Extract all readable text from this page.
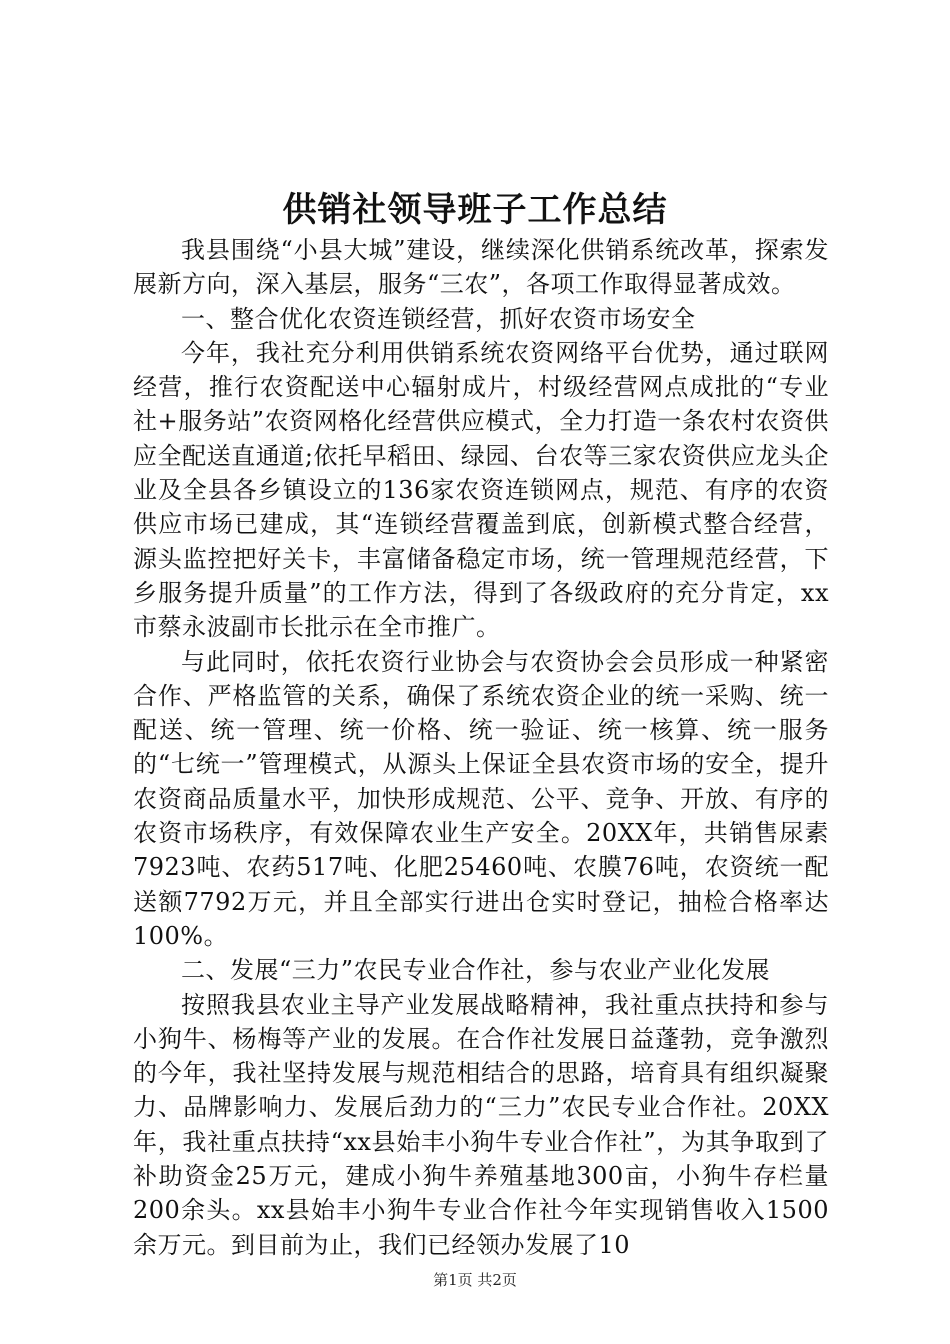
供销社领导班子工作总结

我县围绕“小县大城”建设，继续深化供销系统改革，探索发展新方向，深入基层，服务“三农”，各项工作取得显著成效。

一、整合优化农资连锁经营，抓好农资市场安全

今年，我社充分利用供销系统农资网络平台优势，通过联网经营，推行农资配送中心辐射成片，村级经营网点成批的“专业社+服务站”农资网格化经营供应模式，全力打造一条农村农资供应全配送直通道;依托早稻田、绿园、台农等三家农资供应龙头企业及全县各乡镇设立的136家农资连锁网点，规范、有序的农资供应市场已建成，其“连锁经营覆盖到底，创新模式整合经营，源头监控把好关卡，丰富储备稳定市场，统一管理规范经营，下乡服务提升质量”的工作方法，得到了各级政府的充分肯定，xx市蔡永波副市长批示在全市推广。

与此同时，依托农资行业协会与农资协会会员形成一种紧密合作、严格监管的关系，确保了系统农资企业的统一采购、统一配送、统一管理、统一价格、统一验证、统一核算、统一服务的“七统一”管理模式，从源头上保证全县农资市场的安全，提升农资商品质量水平，加快形成规范、公平、竞争、开放、有序的农资市场秩序，有效保障农业生产安全。20XX年，共销售尿素7923吨、农药517吨、化肥25460吨、农膜76吨，农资统一配送额7792万元，并且全部实行进出仓实时登记，抽检合格率达100%。

二、发展“三力”农民专业合作社，参与农业产业化发展

按照我县农业主导产业发展战略精神，我社重点扶持和参与小狗牛、杨梅等产业的发展。在合作社发展日益蓬勃，竞争激烈的今年，我社坚持发展与规范相结合的思路，培育具有组织凝聚力、品牌影响力、发展后劲力的“三力”农民专业合作社。20XX年，我社重点扶持“xx县始丰小狗牛专业合作社”，为其争取到了补助资金25万元，建成小狗牛养殖基地300亩，小狗牛存栏量200余头。xx县始丰小狗牛专业合作社今年实现销售收入1500余万元。到目前为止，我们已经领办发展了10

第1页 共2页
